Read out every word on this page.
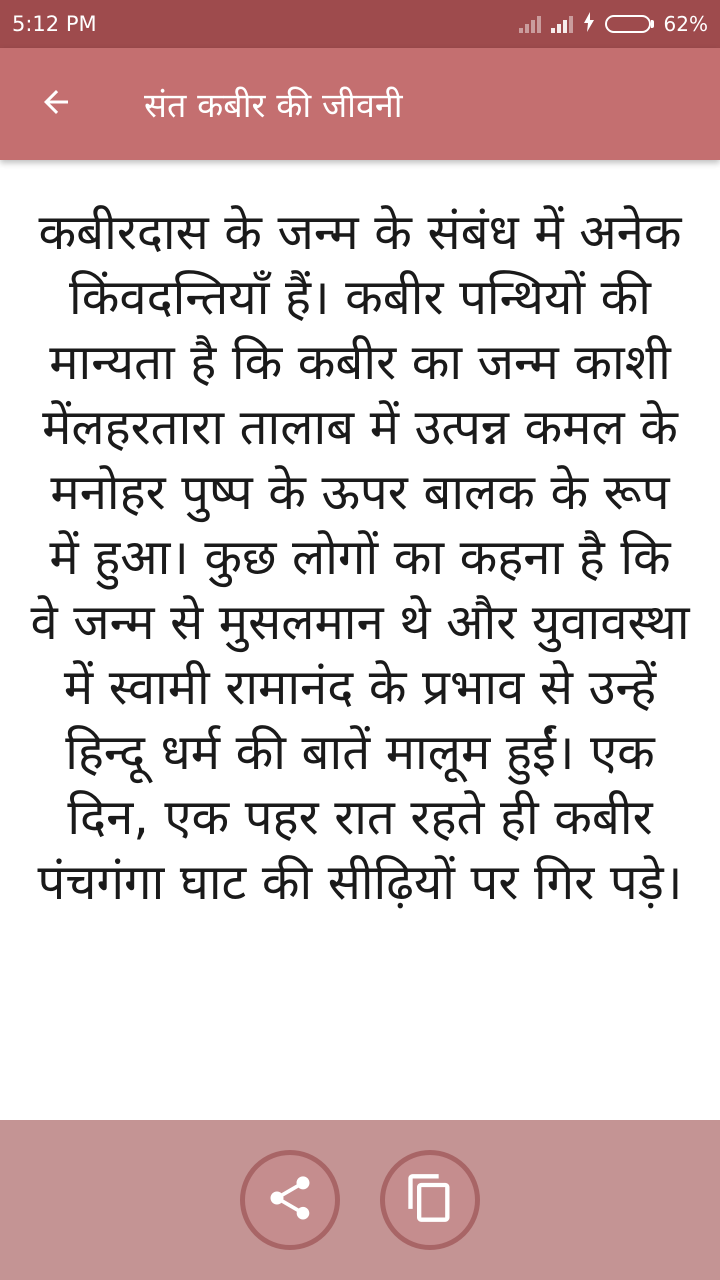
5:12 PM	62%
संत कबीर की जीवनी

कबीरदास के जन्म के संबंध में अनेक किंवदन्तियाँ हैं। कबीर पन्थियों की मान्यता है कि कबीर का जन्म काशी मेंलहरतारा तालाब में उत्पन्न कमल के मनोहर पुष्प के ऊपर बालक के रूप में हुआ। कुछ लोगों का कहना है कि वे जन्म से मुसलमान थे और युवावस्था में स्वामी रामानंद के प्रभाव से उन्हें हिन्दू धर्म की बातें मालूम हुईं। एक दिन, एक पहर रात रहते ही कबीर पंचगंगा घाट की सीढ़ियों पर गिर पड़े।
